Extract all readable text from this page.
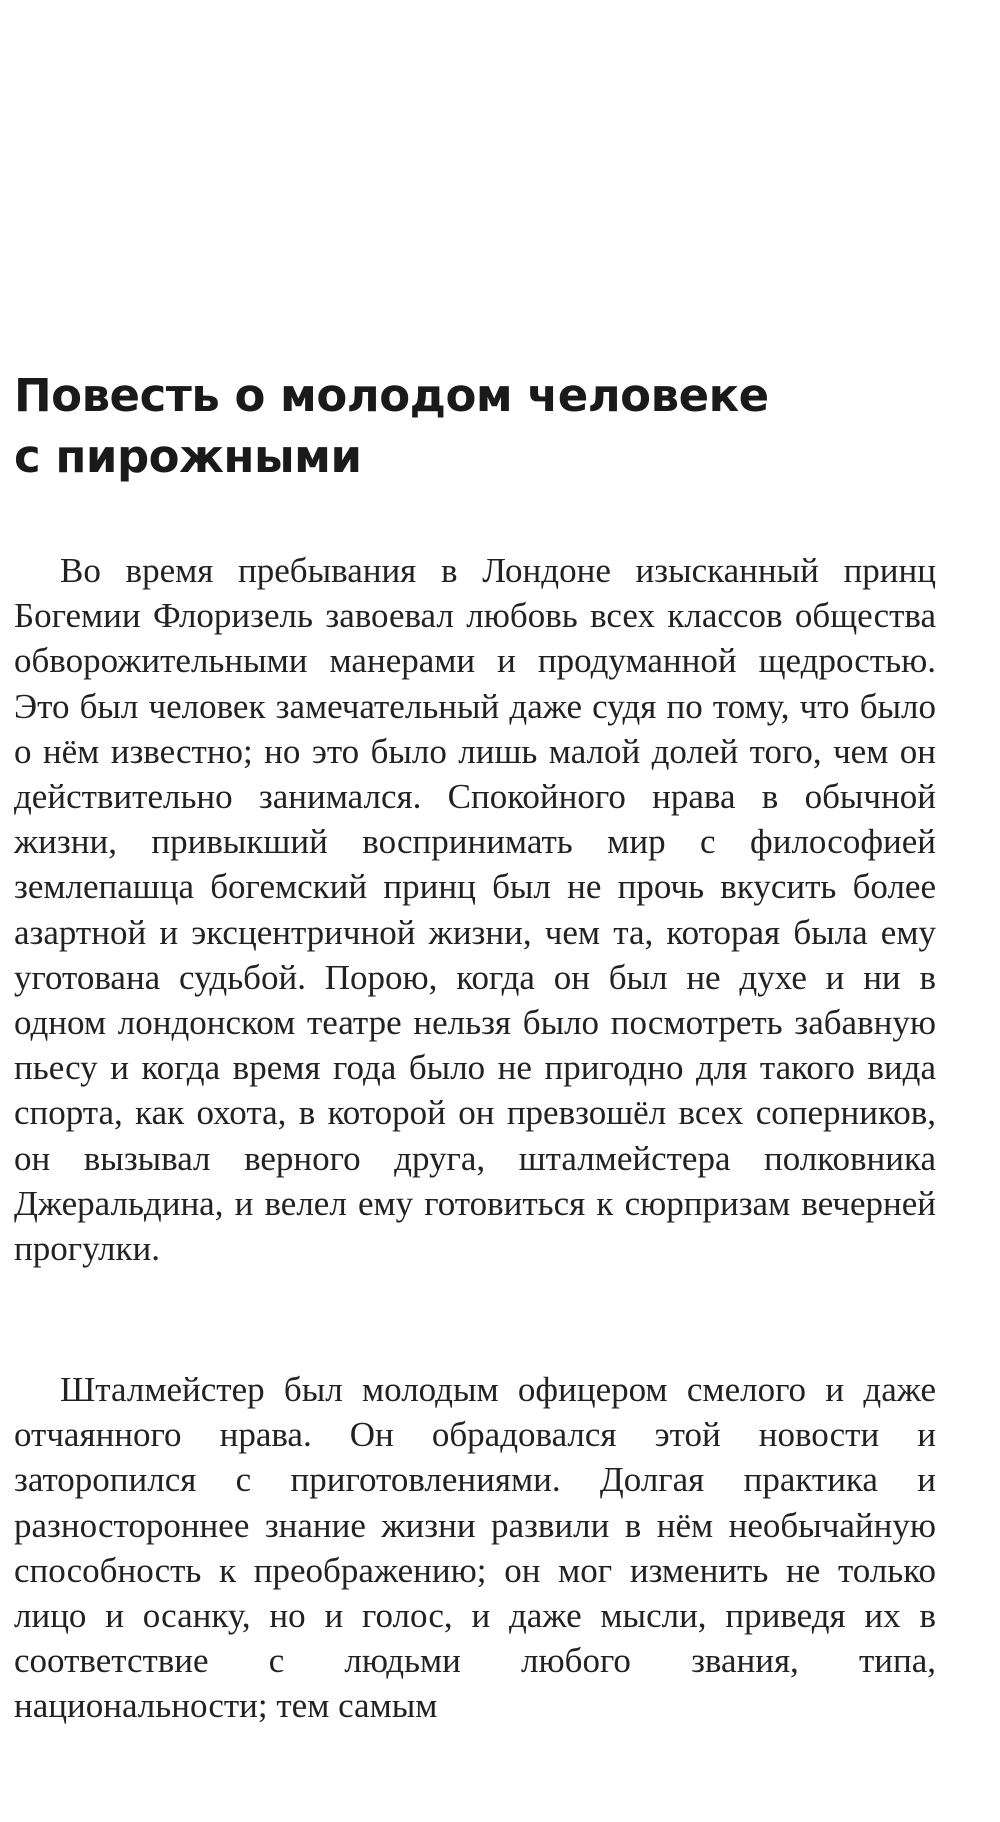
Повесть о молодом человеке
с пирожными

Во время пребывания в Лондоне изысканный принц Богемии Флоризель завоевал любовь всех классов общества обворожительными манерами и продуманной щедростью. Это был человек замечательный даже судя по тому, что было о нём известно; но это было лишь малой долей того, чем он действительно занимался. Спокойного нрава в обычной жизни, привыкший воспринимать мир с философией землепашца богемский принц был не прочь вкусить более азартной и эксцентричной жизни, чем та, которая была ему уготована судьбой. Порою, когда он был не духе и ни в одном лондонском театре нельзя было посмотреть забавную пьесу и когда время года было не пригодно для такого вида спорта, как охота, в которой он превзошёл всех соперников, он вызывал верного друга, шталмейстера полковника Джеральдина, и велел ему готовиться к сюрпризам вечерней прогулки.

Шталмейстер был молодым офицером смелого и даже отчаянного нрава. Он обрадовался этой новости и заторопился с приготовлениями. Долгая практика и разностороннее знание жизни развили в нём необычайную способность к преображению; он мог изменить не только лицо и осанку, но и голос, и даже мысли, приведя их в соответствие с людьми любого звания, типа, национальности; тем самым
